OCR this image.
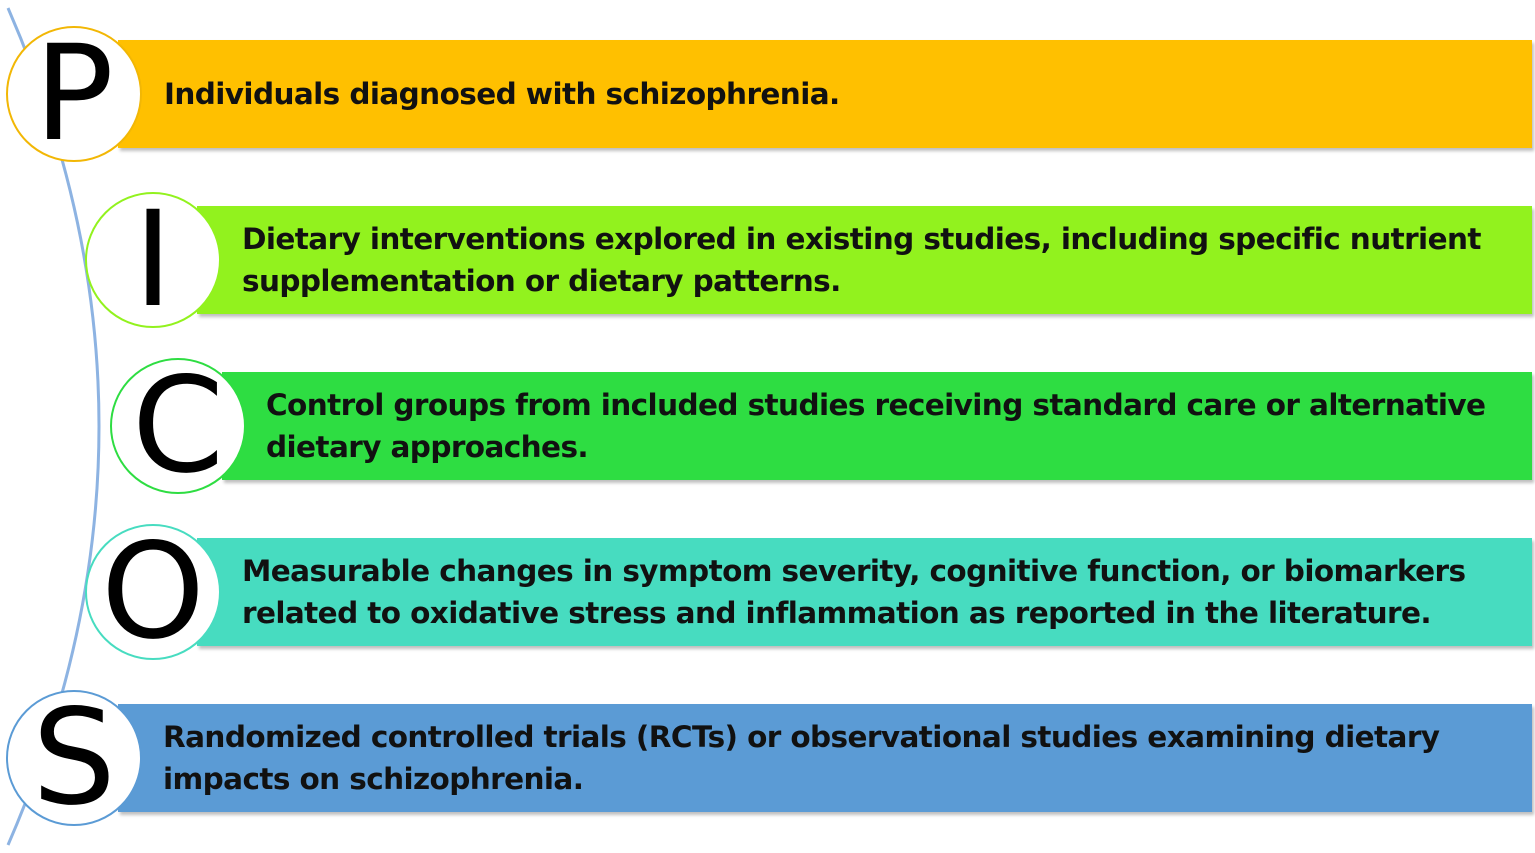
Individuals diagnosed with schizophrenia.
P
Dietary interventions explored in existing studies, including specific nutrient
supplementation or dietary patterns.
I
Control groups from included studies receiving standard care or alternative
dietary approaches.
C
Measurable changes in symptom severity, cognitive function, or biomarkers
related to oxidative stress and inflammation as reported in the literature.
O
Randomized controlled trials (RCTs) or observational studies examining dietary
impacts on schizophrenia.
S
